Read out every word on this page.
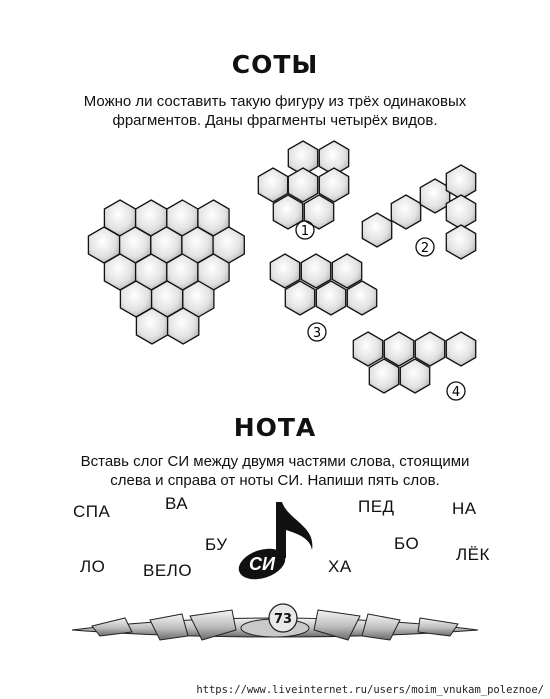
СОТЫ
Можно ли составить такую фигуру из трёх одинаковых
фрагментов. Даны фрагменты четырёх видов.
1
2
3
4
НОТА
Вставь слог СИ между двумя частями слова, стоящими
слева и справа от ноты СИ. Напиши пять слов.
СПА	ВА
БУ
ЛО ВЕЛО
ПЕД	НА
БО
ЛЁК
ХА
СИ
73
https://www.liveinternet.ru/users/moim_vnukam_poleznoe/
